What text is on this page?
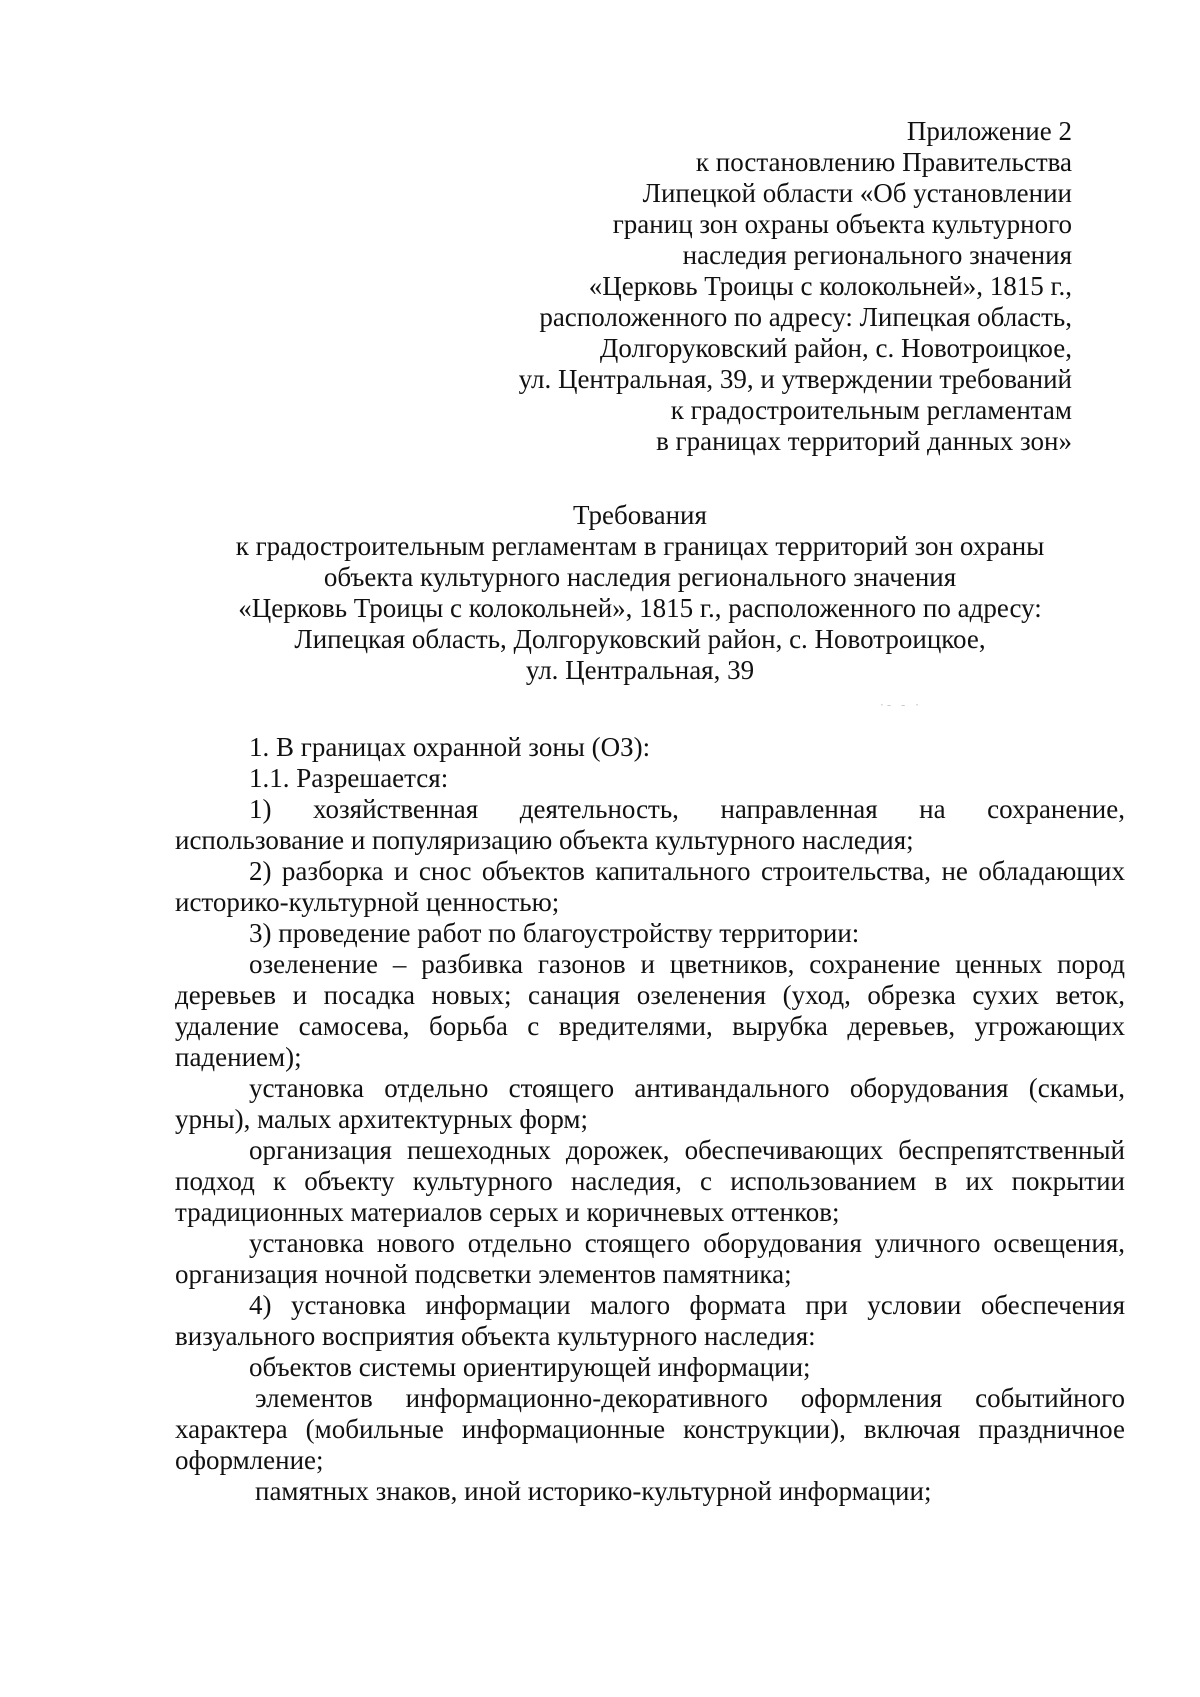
Приложение 2
к постановлению Правительства
Липецкой области «Об установлении
границ зон охраны объекта культурного
наследия регионального значения
«Церковь Троицы с колокольней», 1815 г.,
расположенного по адресу: Липецкая область,
Долгоруковский район, с. Новотроицкое,
ул. Центральная, 39, и утверждении требований
к градостроительным регламентам
в границах территорий данных зон»
Требования
к градостроительным регламентам в границах территорий зон охраны
объекта культурного наследия регионального значения
«Церковь Троицы с колокольней», 1815 г., расположенного по адресу:
Липецкая область, Долгоруковский район, с. Новотроицкое,
ул. Центральная, 39
·- - ·

1. В границах охранной зоны (ОЗ):

1.1. Разрешается:

1) хозяйственная деятельность, направленная на сохранение, использование и популяризацию объекта культурного наследия;

2) разборка и снос объектов капитального строительства, не обладающих историко-культурной ценностью;

3) проведение работ по благоустройству территории:

озеленение – разбивка газонов и цветников, сохранение ценных пород деревьев и посадка новых; санация озеленения (уход, обрезка сухих веток, удаление самосева, борьба с вредителями, вырубка деревьев, угрожающих падением);

установка отдельно стоящего антивандального оборудования (скамьи, урны), малых архитектурных форм;

организация пешеходных дорожек, обеспечивающих беспрепятственный подход к объекту культурного наследия, с использованием в их покрытии традиционных материалов серых и коричневых оттенков;

установка нового отдельно стоящего оборудования уличного освещения, организация ночной подсветки элементов памятника;

4) установка информации малого формата при условии обеспечения визуального восприятия объекта культурного наследия:

объектов системы ориентирующей информации;

элементов информационно-декоративного оформления событийного характера (мобильные информационные конструкции), включая праздничное оформление;

памятных знаков, иной историко-культурной информации;
